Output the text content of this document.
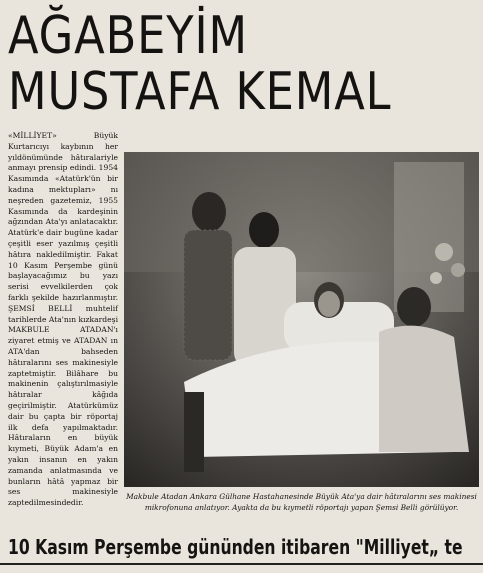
AĞABEYİM
MUSTAFA KEMAL

«MİLLİYET» Büyük Kurtarıcıyı kaybının her yıldönümünde hâtıralariyle anmayı prensip edindi. 1954 Kasımında «Atatürk'ün bir kadına mektupları» nı neşreden gazetemiz, 1955 Kasımında da kardeşinin ağzından Ata'yı anlatacaktır. Atatürk'e dair bugüne kadar çeşitli eser yazılmış çeşitli hâtıra nakledilmiştir. Fakat 10 Kasım Perşembe günü başlayacağımız bu yazı serisi evvelkilerden çok farklı şekilde hazırlanmıştır. ŞEMSİ BELLİ muhtelif tarihlerde Ata'nın kızkardeşi MAKBULE ATADAN'ı ziyaret etmiş ve ATADAN ın ATA'dan bahseden hâtıralarını ses makinesiyle zaptetmiştir. Bilâhare bu makinenin çalıştırılmasiyle hâtıralar kâğıda geçirilmiştir. Atatürkümüz dair bu çapta bir röportaj ilk defa yapılmaktadır. Hâtıraların en büyük kıymeti, Büyük Adam'a en yakın insanın en yakın zamanda anlatmasında ve bunların hâtâ yapmaz bir ses makinesiyle zaptedilmesindedir.

Makbule Atadan Ankara Gülhane Hastahanesinde Büyük Ata'ya dair hâtıralarını ses makinesi mikrofonuna anlatıyor. Ayakta da bu kıymetli röportajı yapan Şemsi Belli görülüyor.
10 Kasım Perşembe gününden itibaren "Milliyet„ te
